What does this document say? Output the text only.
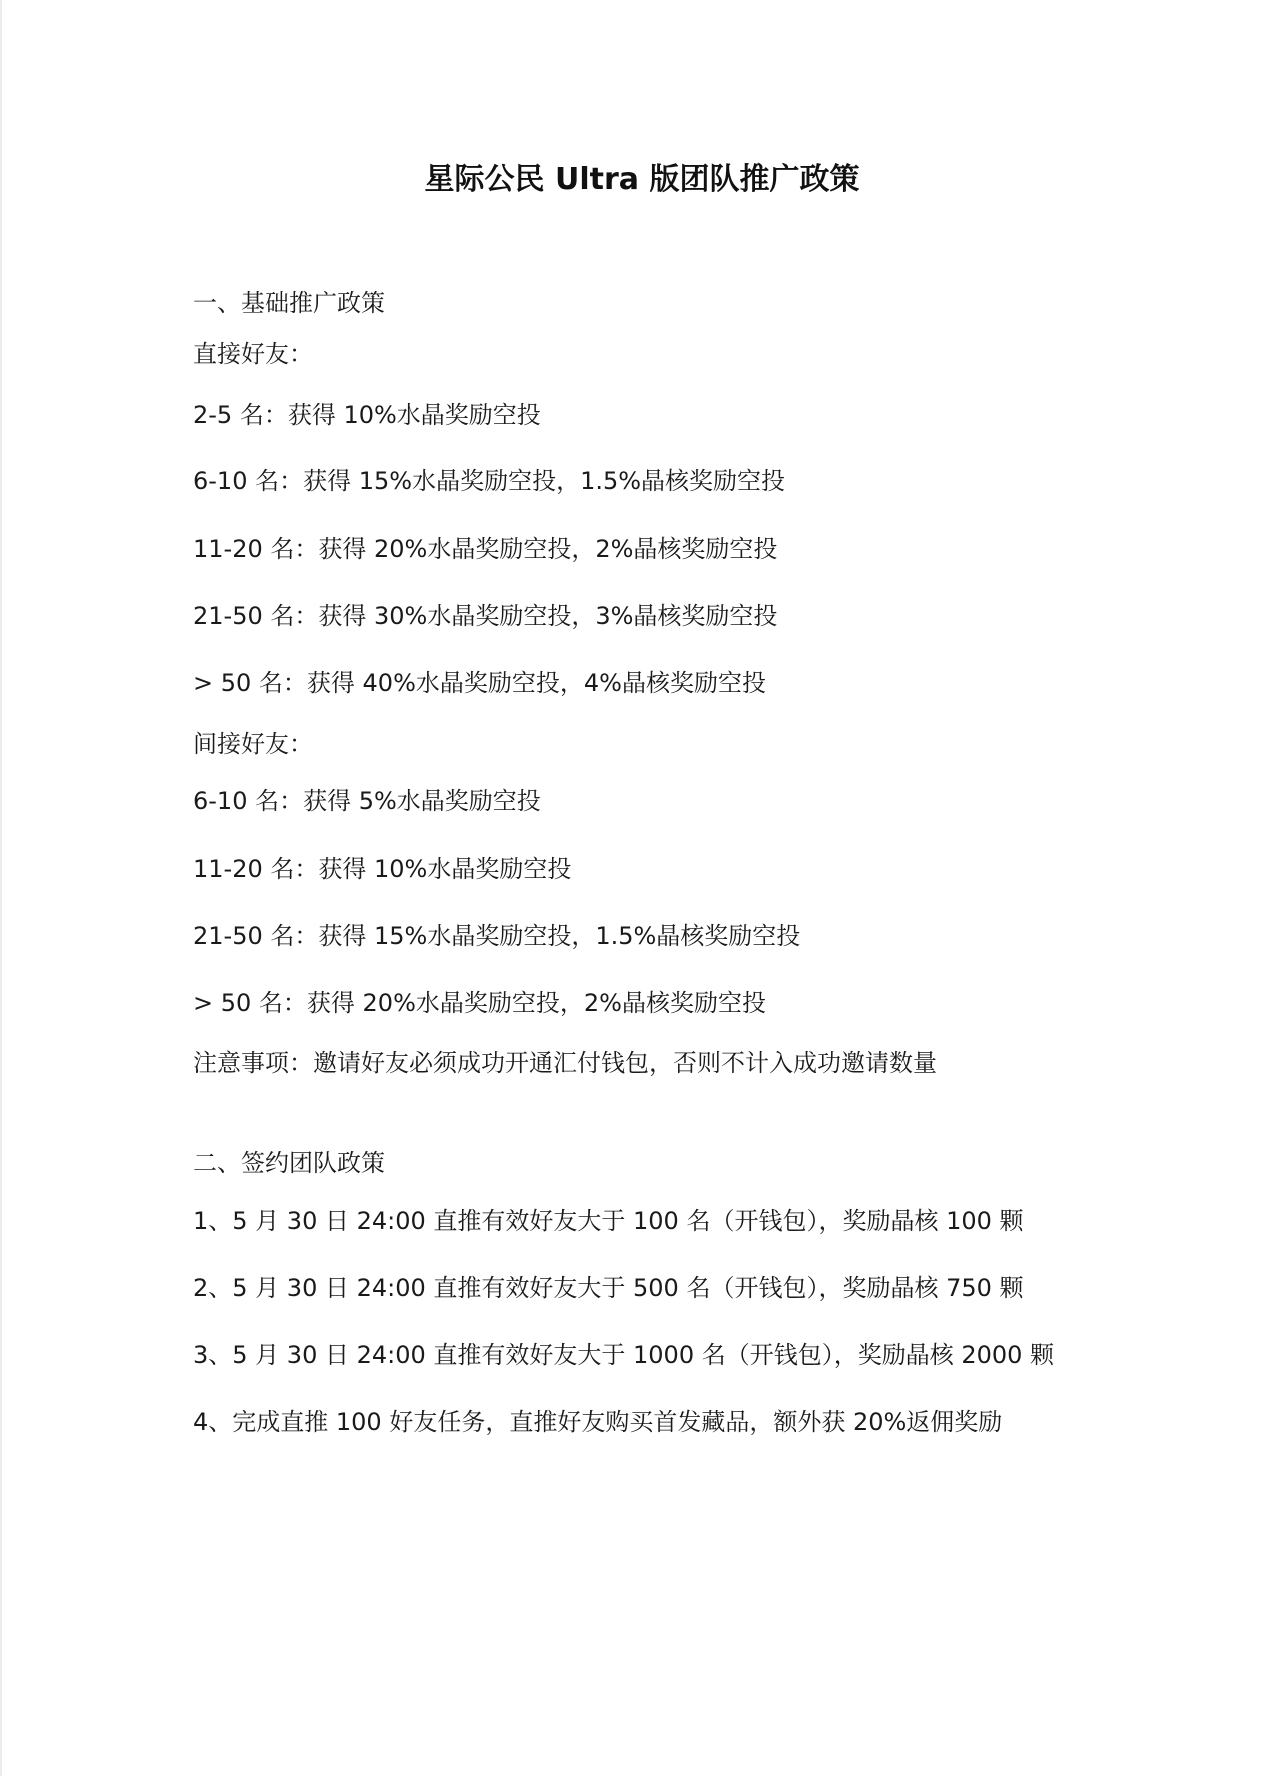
星际公民 Ultra 版团队推广政策
一、基础推广政策
直接好友：
2-5 名：获得 10%水晶奖励空投
6-10 名：获得 15%水晶奖励空投，1.5%晶核奖励空投
11-20 名：获得 20%水晶奖励空投，2%晶核奖励空投
21-50 名：获得 30%水晶奖励空投，3%晶核奖励空投
> 50 名：获得 40%水晶奖励空投，4%晶核奖励空投
间接好友：
6-10 名：获得 5%水晶奖励空投
11-20 名：获得 10%水晶奖励空投
21-50 名：获得 15%水晶奖励空投，1.5%晶核奖励空投
> 50 名：获得 20%水晶奖励空投，2%晶核奖励空投
注意事项：邀请好友必须成功开通汇付钱包，否则不计入成功邀请数量
二、签约团队政策
1、5 月 30 日 24:00 直推有效好友大于 100 名（开钱包），奖励晶核 100 颗
2、5 月 30 日 24:00 直推有效好友大于 500 名（开钱包），奖励晶核 750 颗
3、5 月 30 日 24:00 直推有效好友大于 1000 名（开钱包），奖励晶核 2000 颗
4、完成直推 100 好友任务，直推好友购买首发藏品，额外获 20%返佣奖励
